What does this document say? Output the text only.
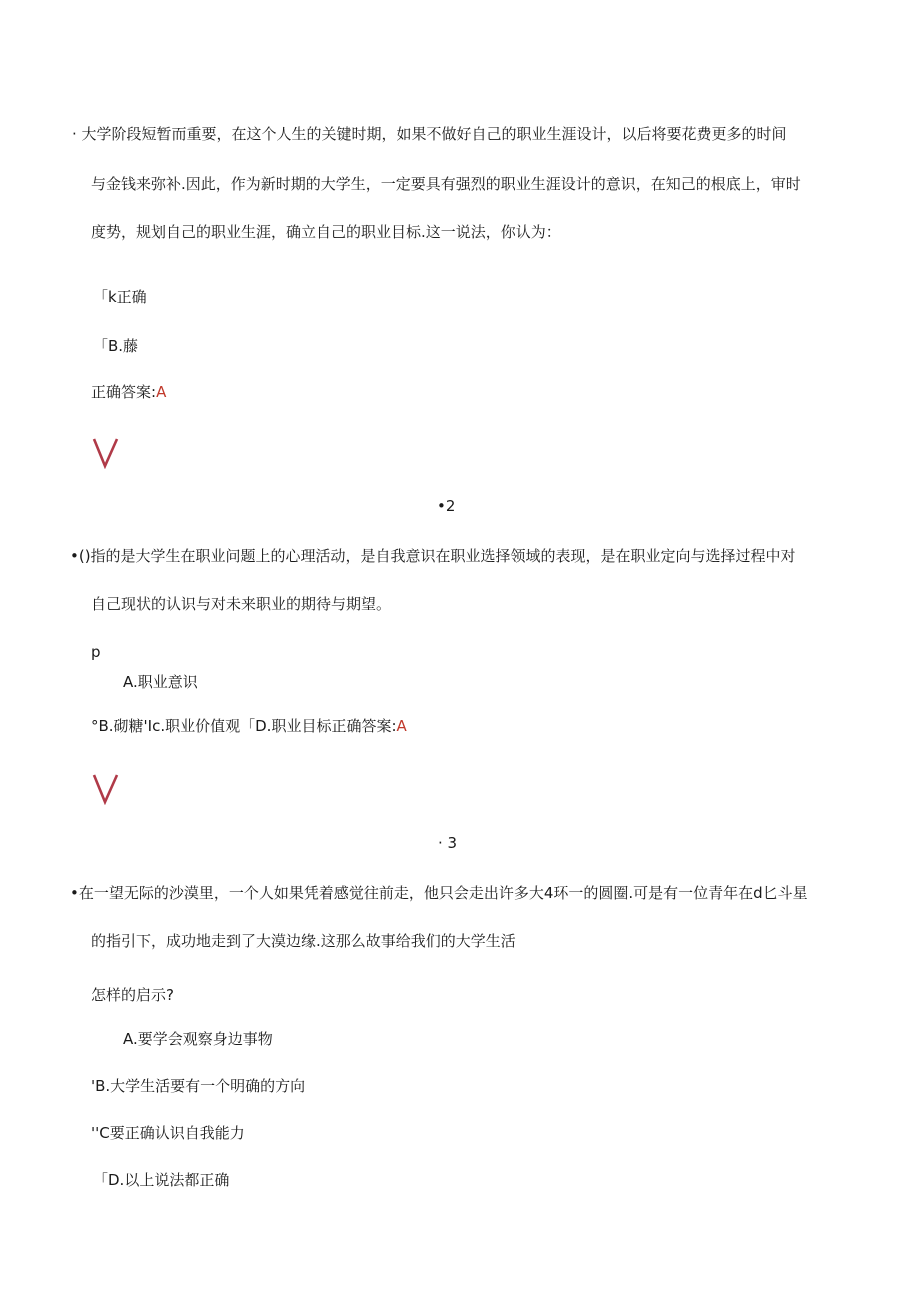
· 大学阶段短暂而重要，在这个人生的关键时期，如果不做好自己的职业生涯设计，以后将要花费更多的时间
与金钱来弥补.因此，作为新时期的大学生，一定要具有强烈的职业生涯设计的意识，在知己的根底上，审时
度势，规划自己的职业生涯，确立自己的职业目标.这一说法，你认为：
「k正确
「B.藤
正确答案:A
•2
•()指的是大学生在职业问题上的心理活动，是自我意识在职业选择领域的表现，是在职业定向与选择过程中对
自己现状的认识与对未来职业的期待与期望。
p
A.职业意识
°B.砌糖'Ic.职业价值观「D.职业目标正确答案:A
· 3
•在一望无际的沙漠里，一个人如果凭着感觉往前走，他只会走出许多大4环一的圆圈.可是有一位青年在d匕斗星
的指引下，成功地走到了大漠边缘.这那么故事给我们的大学生活
怎样的启示?
A.要学会观察身边事物
'B.大学生活要有一个明确的方向
''C要正确认识自我能力
「D.以上说法都正确
